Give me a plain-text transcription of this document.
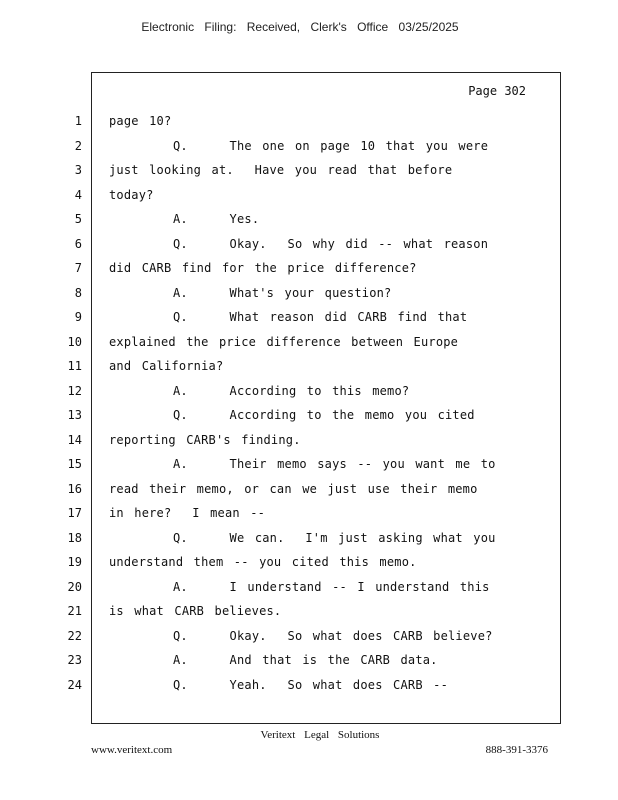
Electronic Filing: Received, Clerk's Office 03/25/2025
Page 302
Veritext Legal Solutions
www.veritext.com	888-391-3376
1 page 10?
2	Q.    The one on page 10 that you were
3 just looking at.  Have you read that before
4 today?
5	A.    Yes.
6	Q.    Okay.  So why did -- what reason
7 did CARB find for the price difference?
8	A.    What's your question?
9	Q.    What reason did CARB find that
10 explained the price difference between Europe
11 and California?
12	A.    According to this memo?
13	Q.    According to the memo you cited
14 reporting CARB's finding.
15	A.    Their memo says -- you want me to
16 read their memo, or can we just use their memo
17 in here?  I mean --
18	Q.    We can.  I'm just asking what you
19 understand them -- you cited this memo.
20	A.    I understand -- I understand this
21 is what CARB believes.
22	Q.    Okay.  So what does CARB believe?
23	A.    And that is the CARB data.
24	Q.    Yeah.  So what does CARB --
